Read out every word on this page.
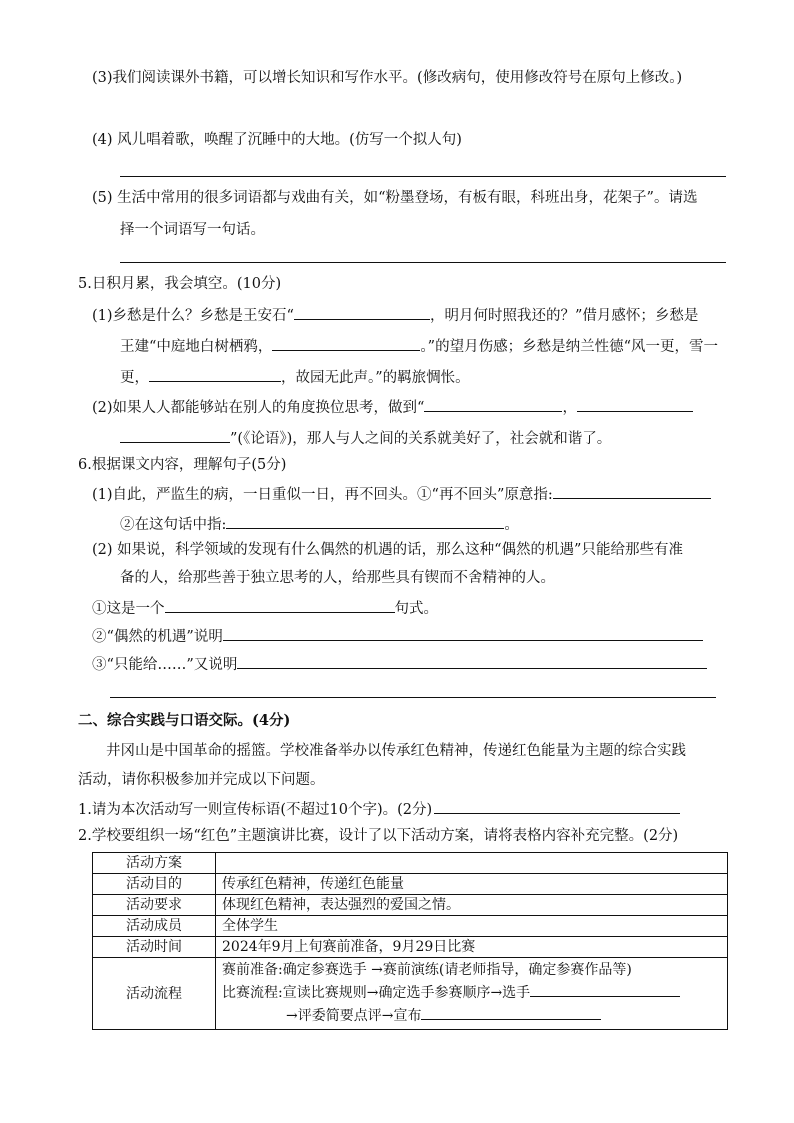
(3)我们阅读课外书籍，可以增长知识和写作水平。(修改病句，使用修改符号在原句上修改。)
(4) 风儿唱着歌，唤醒了沉睡中的大地。(仿写一个拟人句)
(5) 生活中常用的很多词语都与戏曲有关，如“粉墨登场，有板有眼，科班出身，花架子”。请选
择一个词语写一句话。
5.日积月累，我会填空。(10分)
(1)乡愁是什么？乡愁是王安石“	，明月何时照我还的？”借月感怀；乡愁是
王建“中庭地白树栖鸦，	。”的望月伤感；乡愁是纳兰性德“风一更，雪一
更，	，故园无此声。”的羁旅惆怅。
(2)如果人人都能够站在别人的角度换位思考，做到“	，
”(《论语》)，那人与人之间的关系就美好了，社会就和谐了。
6.根据课文内容，理解句子(5分)
(1)自此，严监生的病，一日重似一日，再不回头。①“再不回头”原意指:
②在这句话中指:	。
(2) 如果说，科学领域的发现有什么偶然的机遇的话，那么这种“偶然的机遇”只能给那些有准
备的人，给那些善于独立思考的人，给那些具有锲而不舍精神的人。
①这是一个	句式。
②“偶然的机遇”说明
③“只能给……”又说明
二、综合实践与口语交际。(4分)
井冈山是中国革命的摇篮。学校准备举办以传承红色精神，传递红色能量为主题的综合实践
活动，请你积极参加并完成以下问题。
1.请为本次活动写一则宣传标语(不超过10个字)。(2分)
2.学校要组织一场“红色”主题演讲比赛，设计了以下活动方案，请将表格内容补充完整。(2分)
活动方案	
活动目的	传承红色精神，传递红色能量
活动要求	体现红色精神，表达强烈的爱国之情。
活动成员	全体学生
活动时间	2024年9月上旬赛前准备，9月29日比赛
活动流程	赛前准备:确定参赛选手 →赛前演练(请老师指导，确定参赛作品等)
比赛流程:宣读比赛规则→确定选手参赛顺序→选手
→评委简要点评→宣布
